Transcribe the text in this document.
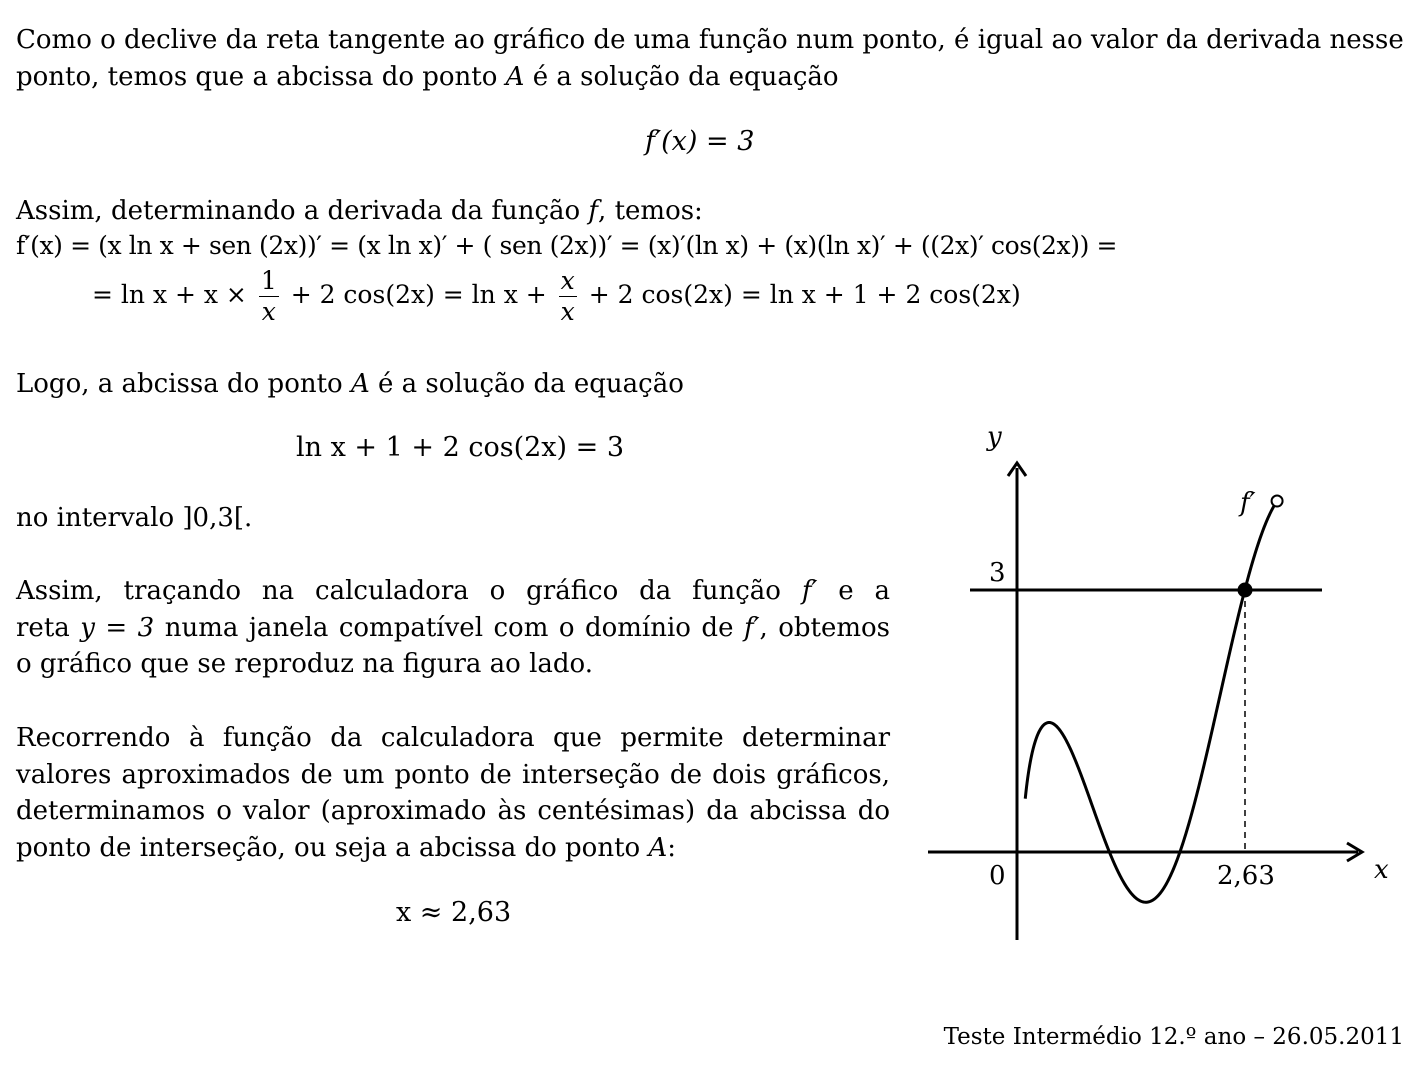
Como o declive da reta tangente ao gráfico de uma função num ponto, é igual ao valor da derivada nesse
ponto, temos que a abcissa do ponto A é a solução da equação

f′(x) = 3

Assim, determinando a derivada da função f, temos:

f′(x) = (x ln x + sen (2x))′ = (x ln x)′ + ( sen (2x))′ = (x)′(ln x) + (x)(ln x)′ + ((2x)′ cos(2x)) =
= $\ln x + x \times \frac{1}{x} + 2$ $\cos(2x) = \ln x + \frac{x}{x} + 2$ cos(2x) = ln x + 1 + 2 cos(2x)

Logo, a abcissa do ponto A é a solução da equação

ln x + 1 + 2 cos(2x) = 3

no intervalo ]0,3[.

Assim, traçando na calculadora o gráfico da função f′ e a
reta y = 3 numa janela compatível com o domínio de f′, obtemos
o gráfico que se reproduz na figura ao lado.
Recorrendo à função da calculadora que permite determinar
valores aproximados de um ponto de interseção de dois gráficos,
determinamos o valor (aproximado às centésimas) da abcissa do
ponto de interseção, ou seja a abcissa do ponto A:
x ≈ 2,63
y
x
0
3
2,63
f′
Teste Intermédio 12.º ano – 26.05.2011
